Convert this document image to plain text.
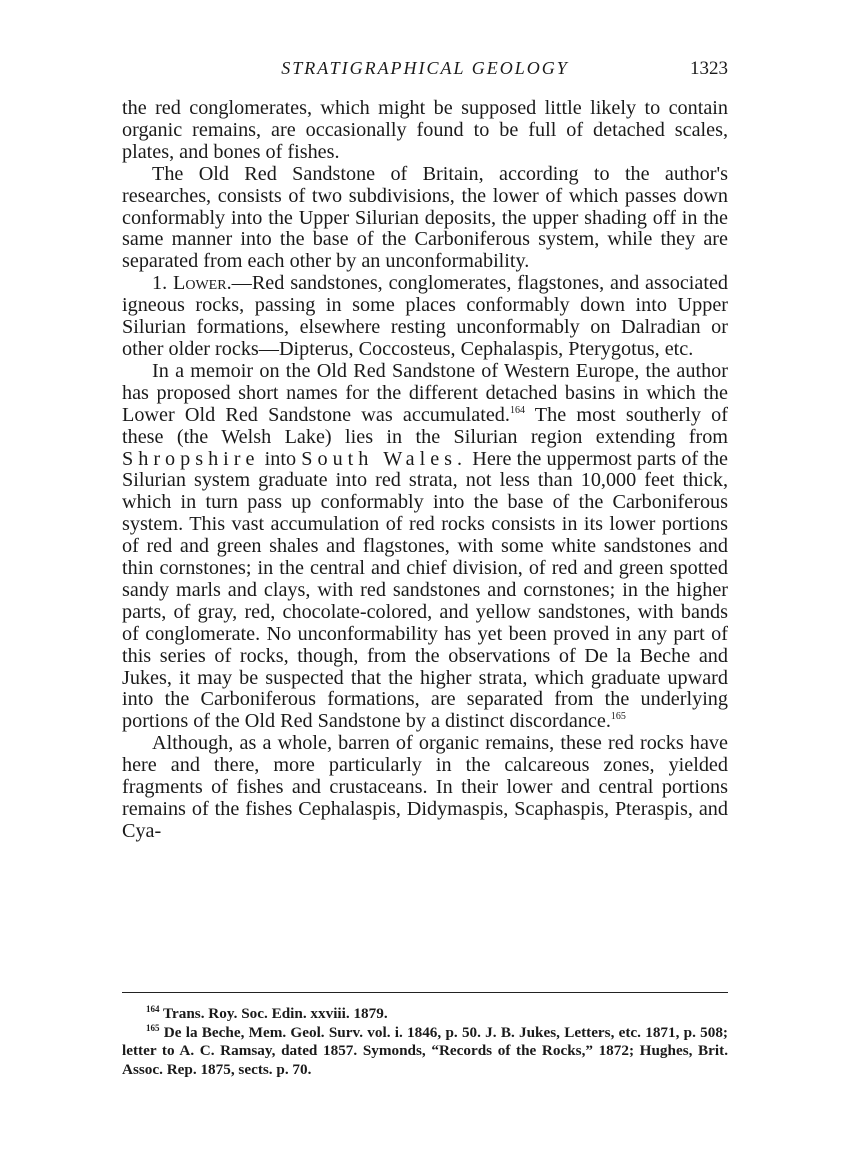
STRATIGRAPHICAL GEOLOGY	1323

the red conglomerates, which might be supposed little likely to contain organic remains, are occasionally found to be full of detached scales, plates, and bones of fishes.

The Old Red Sandstone of Britain, according to the author's researches, consists of two subdivisions, the lower of which passes down conformably into the Upper Silurian deposits, the upper shading off in the same manner into the base of the Carboniferous system, while they are separated from each other by an unconformability.

1. Lower.—Red sandstones, conglomerates, flagstones, and associated igneous rocks, passing in some places conformably down into Upper Silurian formations, elsewhere resting unconformably on Dalradian or other older rocks—Dipterus, Coccosteus, Cephalaspis, Pterygotus, etc.

In a memoir on the Old Red Sandstone of Western Europe, the author has proposed short names for the different detached basins in which the Lower Old Red Sandstone was accumulated.$^{164}$ The most southerly of these (the Welsh Lake) lies in the Silurian region extending from Shropshire into South Wales. Here the uppermost parts of the Silurian system graduate into red strata, not less than 10,000 feet thick, which in turn pass up conformably into the base of the Carboniferous system. This vast accumulation of red rocks consists in its lower portions of red and green shales and flagstones, with some white sandstones and thin cornstones; in the central and chief division, of red and green spotted sandy marls and clays, with red sandstones and cornstones; in the higher parts, of gray, red, chocolate-colored, and yellow sandstones, with bands of conglomerate. No unconformability has yet been proved in any part of this series of rocks, though, from the observations of De la Beche and Jukes, it may be suspected that the higher strata, which graduate upward into the Carboniferous formations, are separated from the underlying portions of the Old Red Sandstone by a distinct discordance.$^{165}$

Although, as a whole, barren of organic remains, these red rocks have here and there, more particularly in the calcareous zones, yielded fragments of fishes and crustaceans. In their lower and central portions remains of the fishes Cephalaspis, Didymaspis, Scaphaspis, Pteraspis, and Cya-

$^{164}$ Trans. Roy. Soc. Edin. xxviii. 1879.

$^{165}$ De la Beche, Mem. Geol. Surv. vol. i. 1846, p. 50. J. B. Jukes, Letters, etc. 1871, p. 508; letter to A. C. Ramsay, dated 1857. Symonds, “Records of the Rocks,” 1872; Hughes, Brit. Assoc. Rep. 1875, sects. p. 70.
